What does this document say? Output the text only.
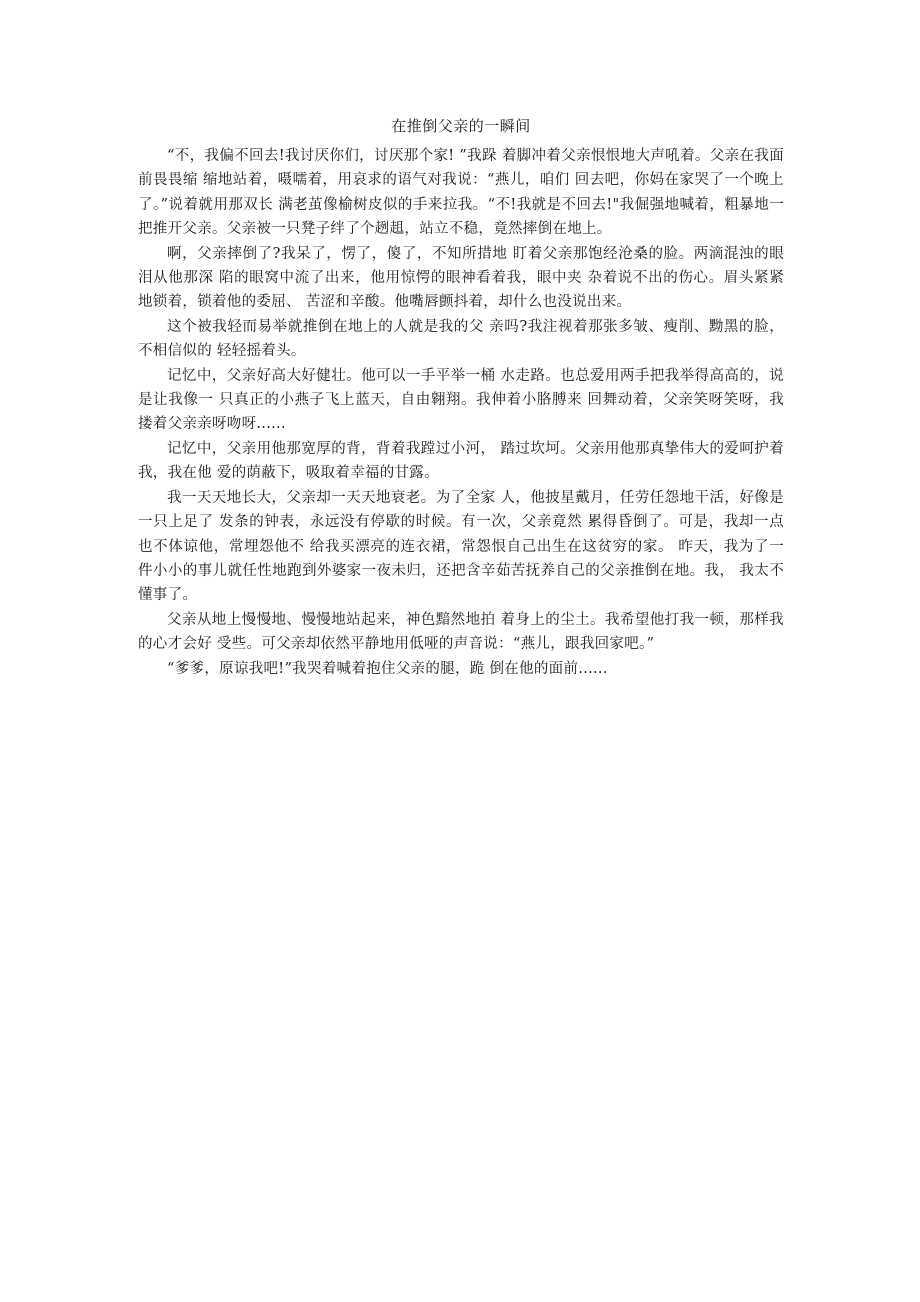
在推倒父亲的一瞬间

“不，我偏不回去!我讨厌你们，讨厌那个家! ”我跺 着脚冲着父亲恨恨地大声吼着。父亲在我面前畏畏缩 缩地站着，嗫嚅着，用哀求的语气对我说：“燕儿，咱们 回去吧，你妈在家哭了一个晚上了。”说着就用那双长 满老茧像榆树皮似的手来拉我。“不!我就是不回去!"我倔强地喊着，粗暴地一把推开父亲。父亲被一只凳子绊了个趔趄，站立不稳，竟然摔倒在地上。

啊，父亲摔倒了?我呆了，愣了，傻了，不知所措地 盯着父亲那饱经沧桑的脸。两滴混浊的眼泪从他那深 陷的眼窝中流了出来，他用惊愕的眼神看着我，眼中夹 杂着说不出的伤心。眉头紧紧地锁着，锁着他的委屈、 苦涩和辛酸。他嘴唇颤抖着，却什么也没说出来。

这个被我轻而易举就推倒在地上的人就是我的父 亲吗?我注视着那张多皱、瘦削、黝黑的脸，不相信似的 轻轻摇着头。

记忆中，父亲好高大好健壮。他可以一手平举一桶 水走路。也总爱用两手把我举得高高的，说是让我像一 只真正的小燕子飞上蓝天，自由翱翔。我伸着小胳膊来 回舞动着，父亲笑呀笑呀，我搂着父亲亲呀吻呀......

记忆中，父亲用他那宽厚的背，背着我蹚过小河， 踏过坎坷。父亲用他那真挚伟大的爱呵护着我，我在他 爱的荫蔽下，吸取着幸福的甘露。

我一天天地长大，父亲却一天天地衰老。为了全家 人，他披星戴月，任劳任怨地干活，好像是一只上足了 发条的钟表，永远没有停歇的时候。有一次，父亲竟然 累得昏倒了。可是，我却一点也不体谅他，常埋怨他不 给我买漂亮的连衣裙，常怨恨自己出生在这贫穷的家。 昨天，我为了一件小小的事儿就任性地跑到外婆家一夜未归，还把含辛茹苦抚养自己的父亲推倒在地。我， 我太不懂事了。

父亲从地上慢慢地、慢慢地站起来，神色黯然地拍 着身上的尘土。我希望他打我一顿，那样我的心才会好 受些。可父亲却依然平静地用低哑的声音说：“燕儿，跟我回家吧。”

“爹爹，原谅我吧!”我哭着喊着抱住父亲的腿，跪 倒在他的面前......
